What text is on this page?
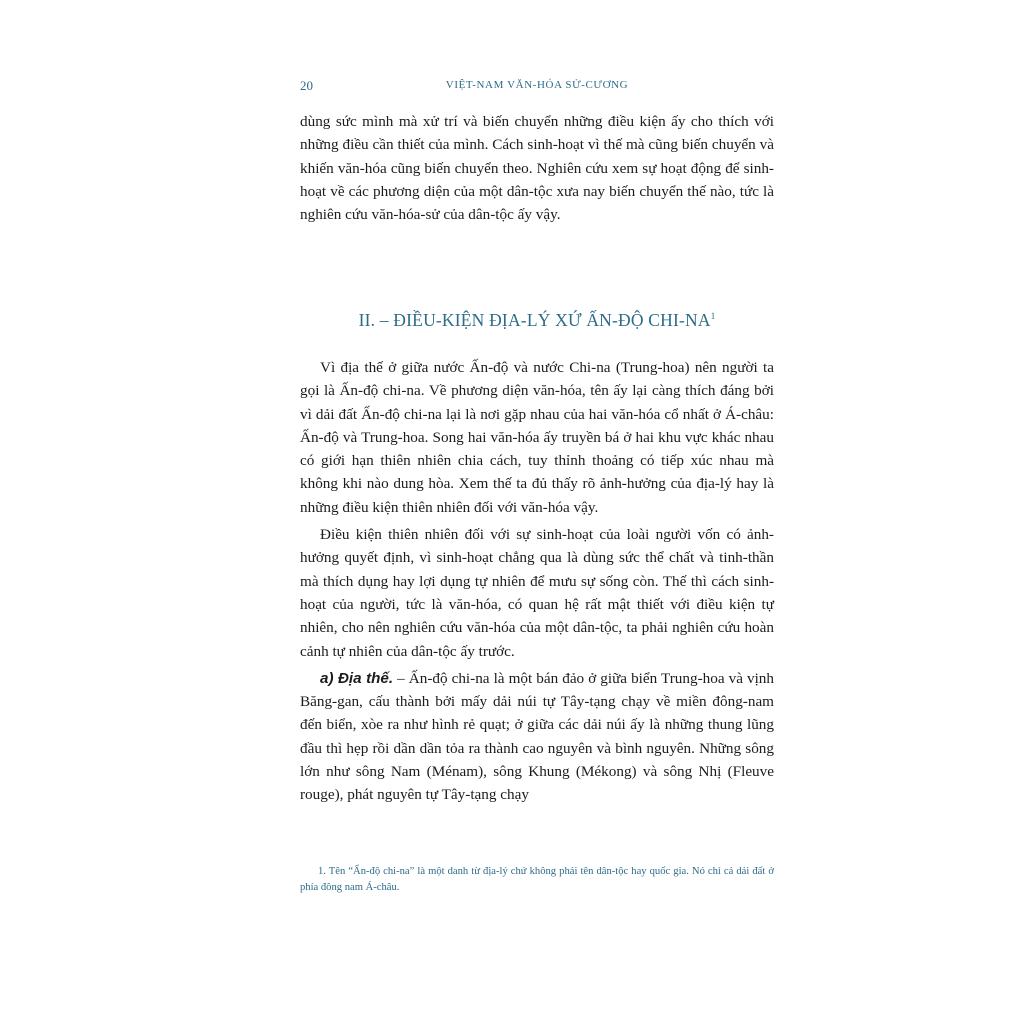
20	VIỆT-NAM VĂN-HÓA SỬ-CƯƠNG

dùng sức mình mà xử trí và biến chuyển những điều kiện ấy cho thích với những điều cần thiết của mình. Cách sinh-hoạt vì thế mà cũng biến chuyển và khiến văn-hóa cũng biến chuyển theo. Nghiên cứu xem sự hoạt động để sinh-hoạt về các phương diện của một dân-tộc xưa nay biến chuyển thế nào, tức là nghiên cứu văn-hóa-sử của dân-tộc ấy vậy.

II. – ĐIỀU-KIỆN ĐỊA-LÝ XỨ ẤN-ĐỘ CHI-$NA^1$

Vì địa thế ở giữa nước Ấn-độ và nước Chi-na (Trung-hoa) nên người ta gọi là Ấn-độ chi-na. Về phương diện văn-hóa, tên ấy lại càng thích đáng bởi vì dải đất Ấn-độ chi-na lại là nơi gặp nhau của hai văn-hóa cổ nhất ở Á-châu: Ấn-độ và Trung-hoa. Song hai văn-hóa ấy truyền bá ở hai khu vực khác nhau có giới hạn thiên nhiên chia cách, tuy thỉnh thoảng có tiếp xúc nhau mà không khi nào dung hòa. Xem thế ta đủ thấy rõ ảnh-hưởng của địa-lý hay là những điều kiện thiên nhiên đối với văn-hóa vậy.

Điều kiện thiên nhiên đối với sự sinh-hoạt của loài người vốn có ảnh-hưởng quyết định, vì sinh-hoạt chẳng qua là dùng sức thể chất và tinh-thần mà thích dụng hay lợi dụng tự nhiên để mưu sự sống còn. Thế thì cách sinh-hoạt của người, tức là văn-hóa, có quan hệ rất mật thiết với điều kiện tự nhiên, cho nên nghiên cứu văn-hóa của một dân-tộc, ta phải nghiên cứu hoàn cảnh tự nhiên của dân-tộc ấy trước.

a) Địa thế. – Ấn-độ chi-na là một bán đảo ở giữa biển Trung-hoa và vịnh Băng-gan, cấu thành bởi mấy dải núi tự Tây-tạng chạy về miền đông-nam đến biển, xòe ra như hình rẻ quạt; ở giữa các dải núi ấy là những thung lũng đầu thì hẹp rồi dần dần tỏa ra thành cao nguyên và bình nguyên. Những sông lớn như sông Nam (Ménam), sông Khung (Mékong) và sông Nhị (Fleuve rouge), phát nguyên tự Tây-tạng chạy

1. Tên “Ấn-độ chi-na” là một danh từ địa-lý chứ không phải tên dân-tộc hay quốc gia. Nó chỉ cả dải đất ở phía đông nam Á-châu.
